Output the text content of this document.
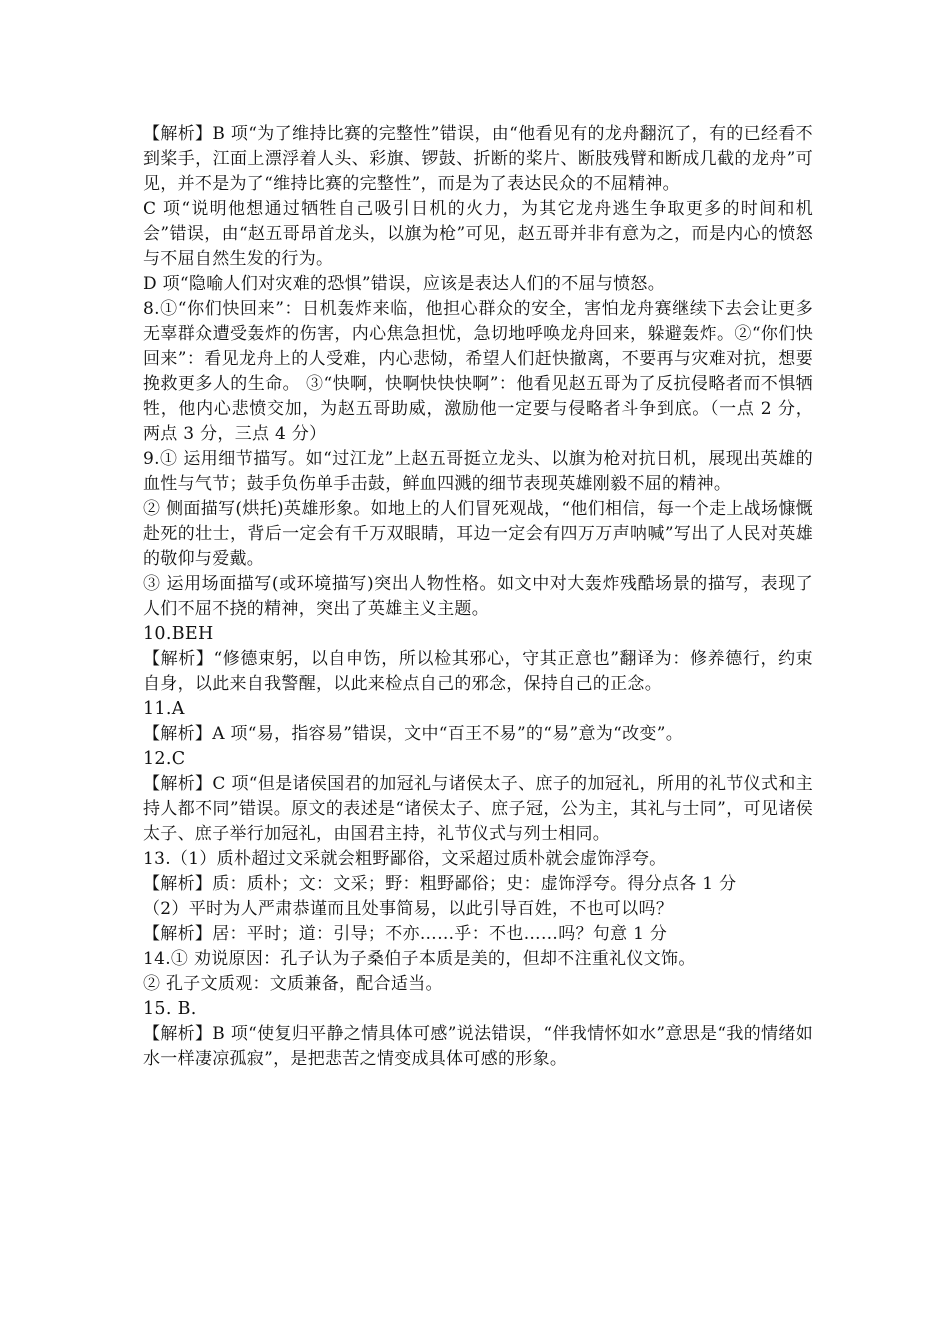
【解析】B 项“为了维持比赛的完整性”错误，由“他看见有的龙舟翻沉了，有的已经看不到桨手，江面上漂浮着人头、彩旗、锣鼓、折断的桨片、断肢残臂和断成几截的龙舟”可见，并不是为了“维持比赛的完整性”，而是为了表达民众的不屈精神。

C 项“说明他想通过牺牲自己吸引日机的火力，为其它龙舟逃生争取更多的时间和机会”错误，由“赵五哥昂首龙头，以旗为枪”可见，赵五哥并非有意为之，而是内心的愤怒与不屈自然生发的行为。

D 项“隐喻人们对灾难的恐惧”错误，应该是表达人们的不屈与愤怒。

8.①“你们快回来”：日机轰炸来临，他担心群众的安全，害怕龙舟赛继续下去会让更多无辜群众遭受轰炸的伤害，内心焦急担忧，急切地呼唤龙舟回来，躲避轰炸。②“你们快回来”：看见龙舟上的人受难，内心悲恸，希望人们赶快撤离，不要再与灾难对抗，想要挽救更多人的生命。 ③“快啊，快啊快快快啊”：他看见赵五哥为了反抗侵略者而不惧牺牲，他内心悲愤交加，为赵五哥助威，激励他一定要与侵略者斗争到底。（一点 2 分，两点 3 分，三点 4 分）

9.① 运用细节描写。如“过江龙”上赵五哥挺立龙头、以旗为枪对抗日机，展现出英雄的血性与气节；鼓手负伤单手击鼓，鲜血四溅的细节表现英雄刚毅不屈的精神。

② 侧面描写(烘托)英雄形象。如地上的人们冒死观战，“他们相信，每一个走上战场慷慨赴死的壮士，背后一定会有千万双眼睛，耳边一定会有四万万声呐喊”写出了人民对英雄的敬仰与爱戴。

③ 运用场面描写(或环境描写)突出人物性格。如文中对大轰炸残酷场景的描写，表现了人们不屈不挠的精神，突出了英雄主义主题。

10.BEH

【解析】“修德束躬，以自申饬，所以检其邪心，守其正意也”翻译为：修养德行，约束自身，以此来自我警醒，以此来检点自己的邪念，保持自己的正念。

11.A

【解析】A 项“易，指容易”错误，文中“百王不易”的“易”意为“改变”。

12.C

【解析】C 项“但是诸侯国君的加冠礼与诸侯太子、庶子的加冠礼，所用的礼节仪式和主持人都不同”错误。原文的表述是“诸侯太子、庶子冠，公为主，其礼与士同”，可见诸侯太子、庶子举行加冠礼，由国君主持，礼节仪式与列士相同。

13.（1）质朴超过文采就会粗野鄙俗，文采超过质朴就会虚饰浮夸。

【解析】质：质朴；文：文采；野：粗野鄙俗；史：虚饰浮夸。得分点各 1 分

（2）平时为人严肃恭谨而且处事简易，以此引导百姓，不也可以吗？

【解析】居：平时；道：引导；不亦……乎：不也……吗？句意 1 分

14.① 劝说原因：孔子认为子桑伯子本质是美的，但却不注重礼仪文饰。

② 孔子文质观：文质兼备，配合适当。

15. B.

【解析】B 项“使复归平静之情具体可感”说法错误，“伴我情怀如水”意思是“我的情绪如水一样凄凉孤寂”，是把悲苦之情变成具体可感的形象。
